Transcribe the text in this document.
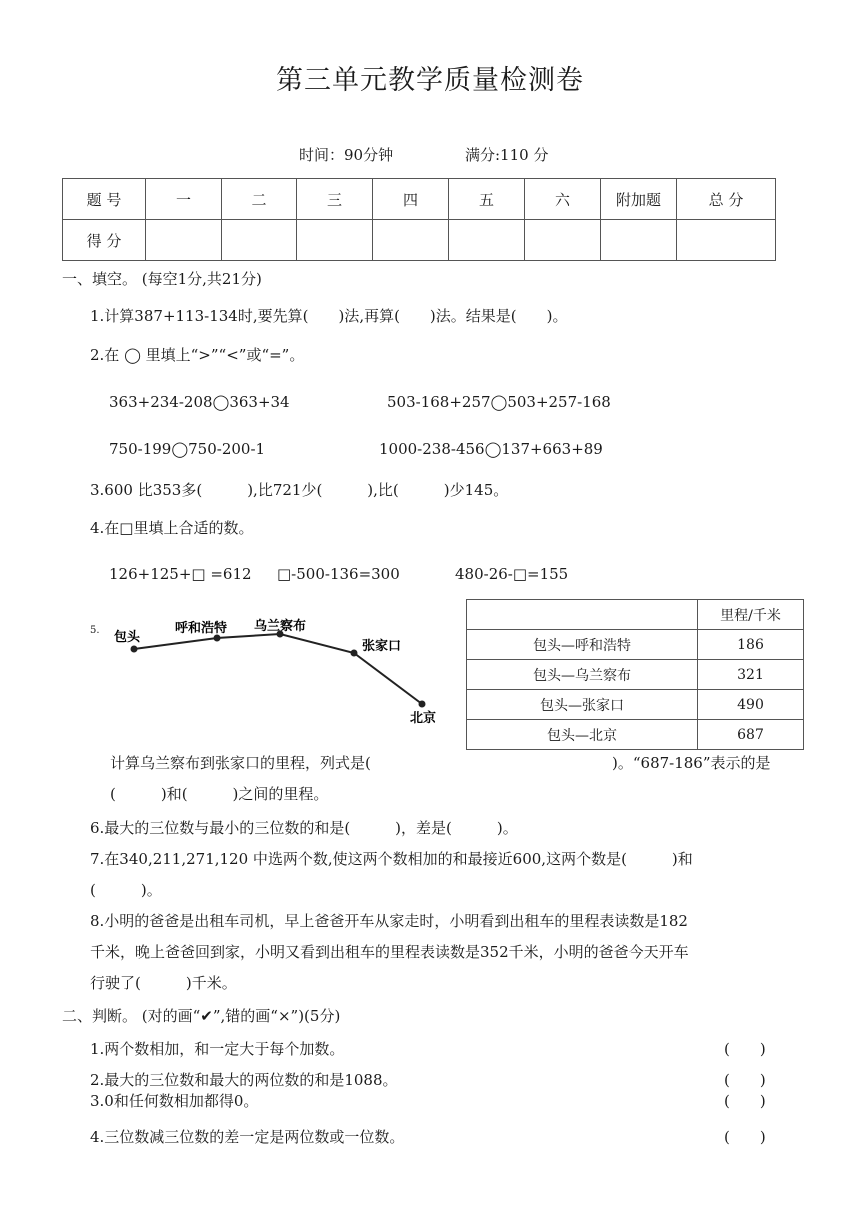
第三单元教学质量检测卷
时间：90分钟	满分:110 分
题 号	一	二	三	四	五	六	附加题	总 分
得 分								
一、填空。 (每空1分,共21分)
1.计算387+113-134时,要先算(　　)法,再算(　　)法。结果是(　　)。
2.在 ◯ 里填上“>”“<”或“=”。
363+234-208◯363+34	503-168+257◯503+257-168
750-199◯750-200-1	1000-238-456◯137+663+89
3.600 比353多(　　　),比721少(　　　),比(　　　)少145。
4.在□里填上合适的数。
126+125+□ =612 □-500-136=300	480-26-□=155
5. 包头
呼和浩特 乌兰察布
张家口
北京
	里程/千米
包头—呼和浩特	186
包头—乌兰察布	321
包头—张家口	490
包头—北京	687
计算乌兰察布到张家口的里程，列式是(	)。“687-186”表示的是
(　　　)和(　　　)之间的里程。
6.最大的三位数与最小的三位数的和是(　　　)，差是(　　　)。
7.在340,211,271,120 中选两个数,使这两个数相加的和最接近600,这两个数是(　　　)和
(　　　)。
8.小明的爸爸是出租车司机，早上爸爸开车从家走时，小明看到出租车的里程表读数是182
千米，晚上爸爸回到家，小明又看到出租车的里程表读数是352千米，小明的爸爸今天开车
行驶了(　　　)千米。
二、判断。 (对的画“✔”,错的画“×”)(5分)
1.两个数相加，和一定大于每个加数。	(　　)
2.最大的三位数和最大的两位数的和是1088。	(　　)
3.0和任何数相加都得0。	(　　)
4.三位数减三位数的差一定是两位数或一位数。	(　　)
